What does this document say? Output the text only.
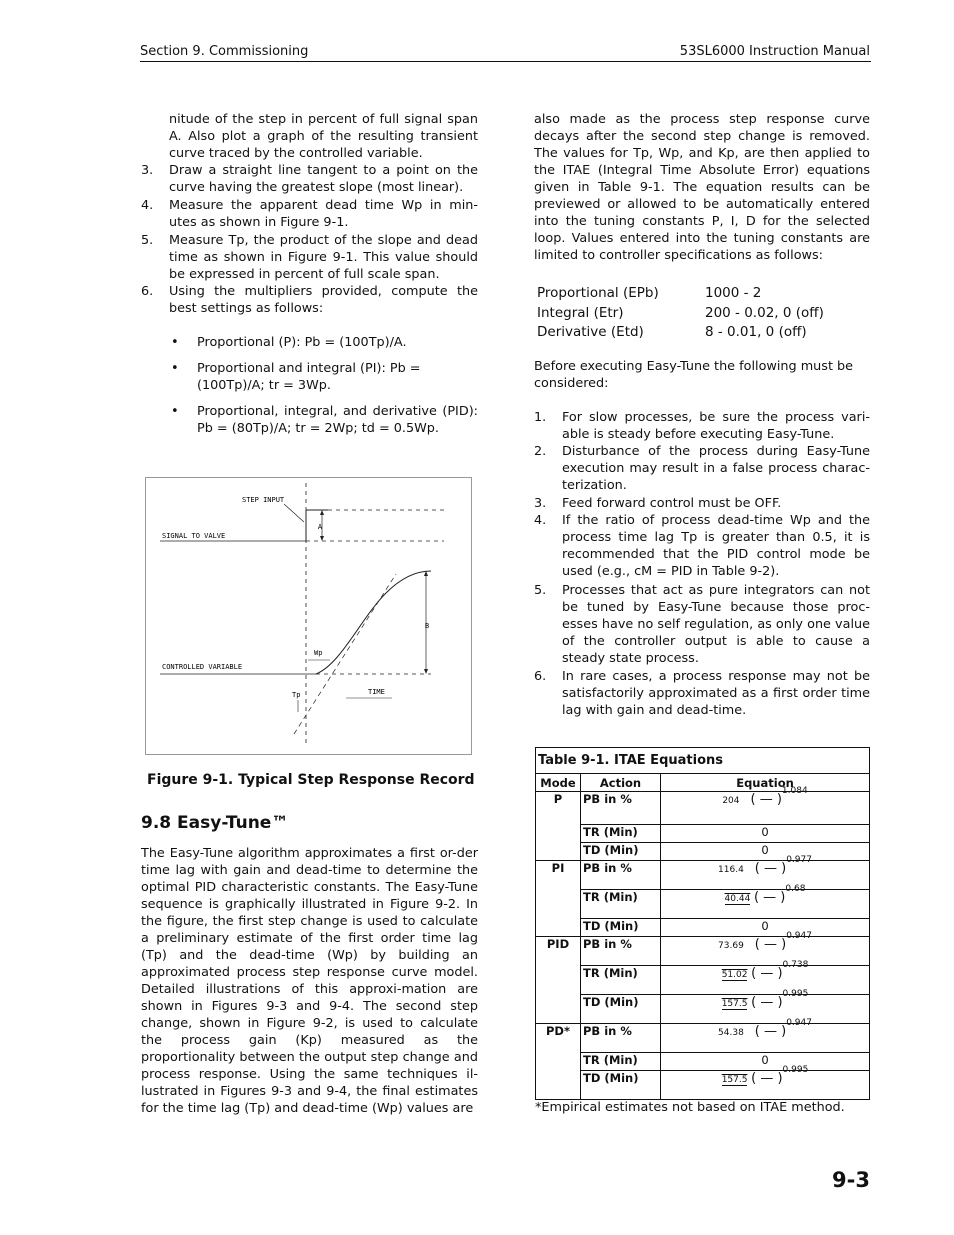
Section 9. Commissioning	53SL6000 Instruction Manual
nitude of the step in percent of full signal span A. Also plot a graph of the resulting transient curve traced by the controlled variable.
3. Draw a straight line tangent to a point on the curve having the greatest slope (most linear).
4. Measure the apparent dead time Wp in min-utes as shown in Figure 9-1.
5. Measure Tp, the product of the slope and dead time as shown in Figure 9-1. This value should be expressed in percent of full scale span.
6. Using the multipliers provided, compute the best settings as follows:
• Proportional (P): Pb = (100Tp)/A.
• Proportional and integral (PI): Pb = (100Tp)/A; tr = 3Wp.
• Proportional, integral, and derivative (PID): Pb = (80Tp)/A; tr = 2Wp; td = 0.5Wp.
A
STEP INPUT
SIGNAL TO VALVE
CONTROLLED VARIABLE
B
Wp
Tp	TIME
Figure 9-1. Typical Step Response Record
9.8 Easy-Tune™
The Easy-Tune algorithm approximates a first or-der time lag with gain and dead-time to determine the optimal PID characteristic constants. The Easy-Tune sequence is graphically illustrated in Figure 9-2. In the figure, the first step change is used to calculate a preliminary estimate of the first order time lag (Tp) and the dead-time (Wp) by building an approximated process step response curve model. Detailed illustrations of this approxi-mation are shown in Figures 9-3 and 9-4. The second step change, shown in Figure 9-2, is used to calculate the process gain (Kp) measured as the proportionality between the output step change and process response. Using the same techniques il-lustrated in Figures 9-3 and 9-4, the final estimates for the time lag (Tp) and dead-time (Wp) values are
also made as the process step response curve decays after the second step change is removed. The values for Tp, Wp, and Kp, are then applied to the ITAE (Integral Time Absolute Error) equations given in Table 9-1. The equation results can be previewed or allowed to be automatically entered into the tuning constants P, I, D for the selected loop. Values entered into the tuning constants are limited to controller specifications as follows:
Proportional (EPb)	1000 - 2
Integral (Etr)	200 - 0.02, 0 (off)
Derivative (Etd)	8 - 0.01, 0 (off)
Before executing Easy-Tune the following must be considered:
1. For slow processes, be sure the process vari-able is steady before executing Easy-Tune.
2. Disturbance of the process during Easy-Tune execution may result in a false process charac-terization.
3. Feed forward control must be OFF.
4. If the ratio of process dead-time Wp and the process time lag Tp is greater than 0.5, it is recommended that the PID control mode be used (e.g., cM = PID in Table 9-2).
5. Processes that act as pure integrators can not be tuned by Easy-Tune because those proc-esses have no self regulation, as only one value of the controller output is able to cause a steady state process.
6. In rare cases, a process response may not be satisfactorily approximated as a first order time lag with gain and dead-time.
Table 9-1. ITAE Equations		
Mode	Action	Equation
P	PB in %	204 ( — )$^{1.084}$
	TR (Min)	0
	TD (Min)	0
PI	PB in %	116.4 ( — )$^{0.977}$
	TR (Min)	40.44 ( — )$^{0.68}$
	TD (Min)	0
PID	PB in %	73.69 ( — )$^{0.947}$
	TR (Min)	51.02 ( — )$^{0.738}$
	TD (Min)	157.5 ( — )$^{0.995}$
PD*	PB in %	54.38 ( — )$^{0.947}$
	TR (Min)	0
	TD (Min)	157.5 ( — )$^{0.995}$
*Empirical estimates not based on ITAE method.
9-3
